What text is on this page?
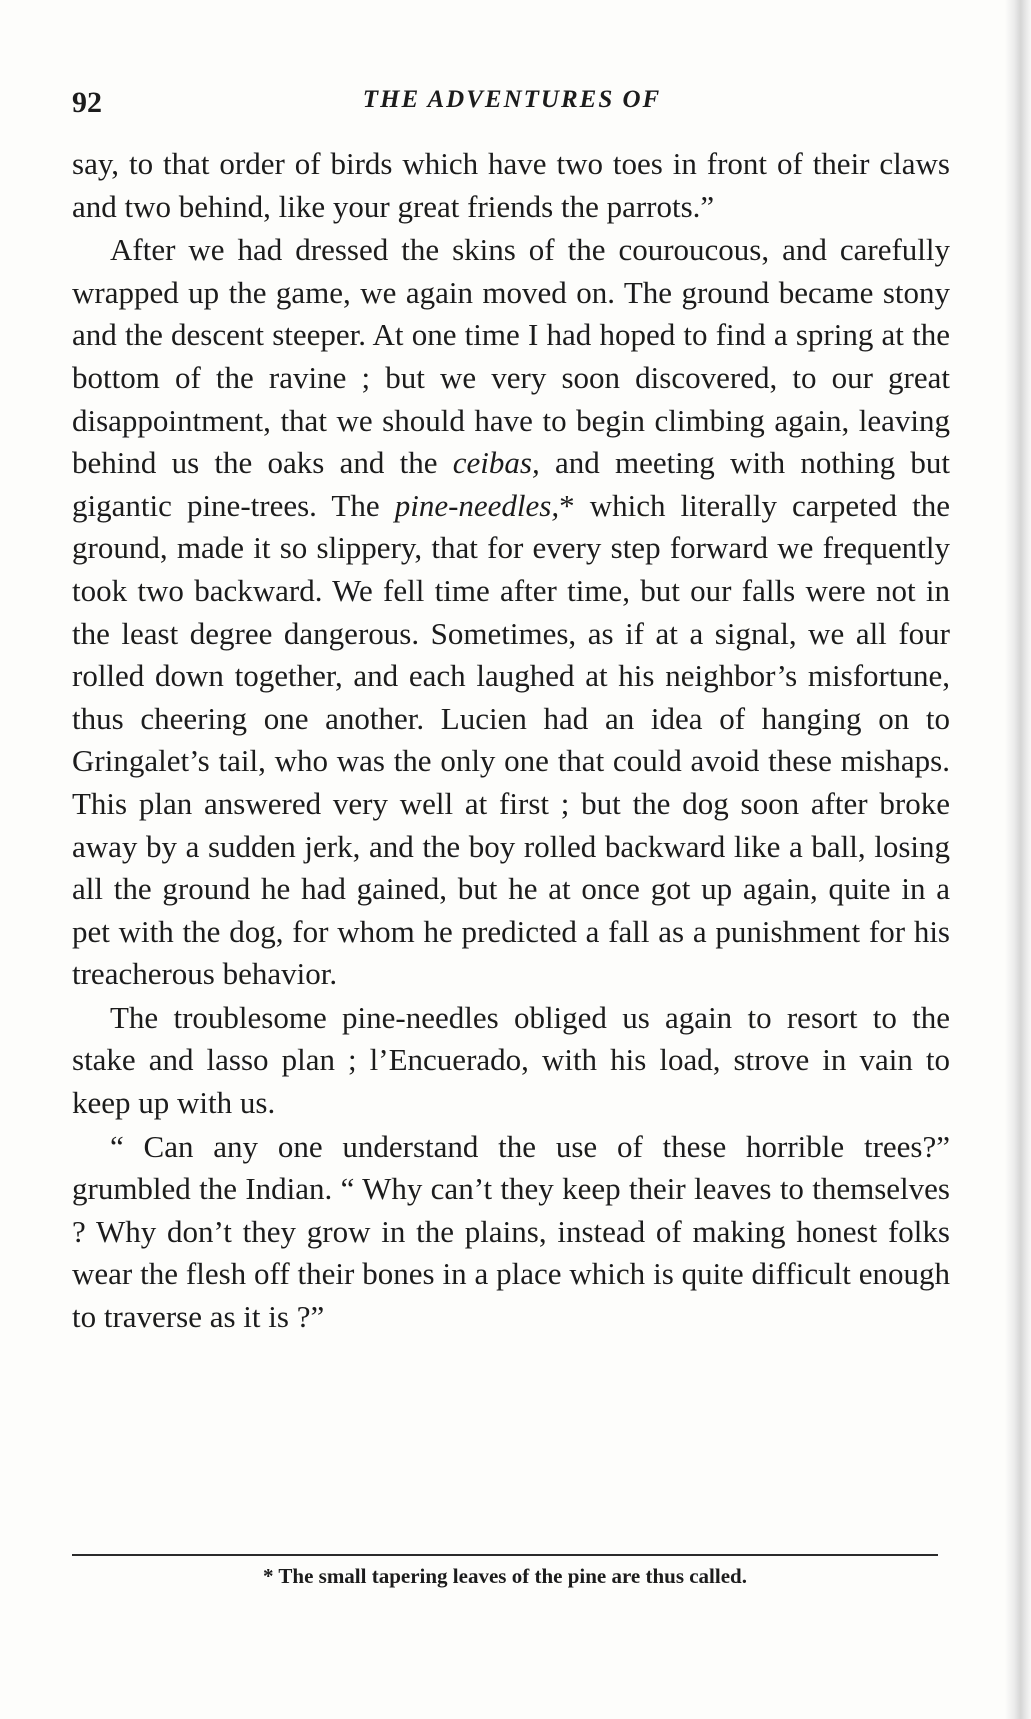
92	THE ADVENTURES OF

say, to that order of birds which have two toes in front of their claws and two behind, like your great friends the parrots.”

After we had dressed the skins of the couroucous, and carefully wrapped up the game, we again moved on. The ground became stony and the descent steeper. At one time I had hoped to find a spring at the bottom of the ravine ; but we very soon discovered, to our great disappointment, that we should have to begin climbing again, leaving behind us the oaks and the ceibas, and meeting with nothing but gigantic pine-trees. The pine-needles,* which literally carpeted the ground, made it so slippery, that for every step forward we frequently took two backward. We fell time after time, but our falls were not in the least degree dangerous. Sometimes, as if at a signal, we all four rolled down together, and each laughed at his neighbor’s misfortune, thus cheering one another. Lucien had an idea of hanging on to Gringalet’s tail, who was the only one that could avoid these mishaps. This plan answered very well at first ; but the dog soon after broke away by a sudden jerk, and the boy rolled backward like a ball, losing all the ground he had gained, but he at once got up again, quite in a pet with the dog, for whom he predicted a fall as a punishment for his treacherous behavior.

The troublesome pine-needles obliged us again to resort to the stake and lasso plan ; l’Encuerado, with his load, strove in vain to keep up with us.

“ Can any one understand the use of these horrible trees?” grumbled the Indian. “ Why can’t they keep their leaves to themselves ? Why don’t they grow in the plains, instead of making honest folks wear the flesh off their bones in a place which is quite difficult enough to traverse as it is ?”

* The small tapering leaves of the pine are thus called.
